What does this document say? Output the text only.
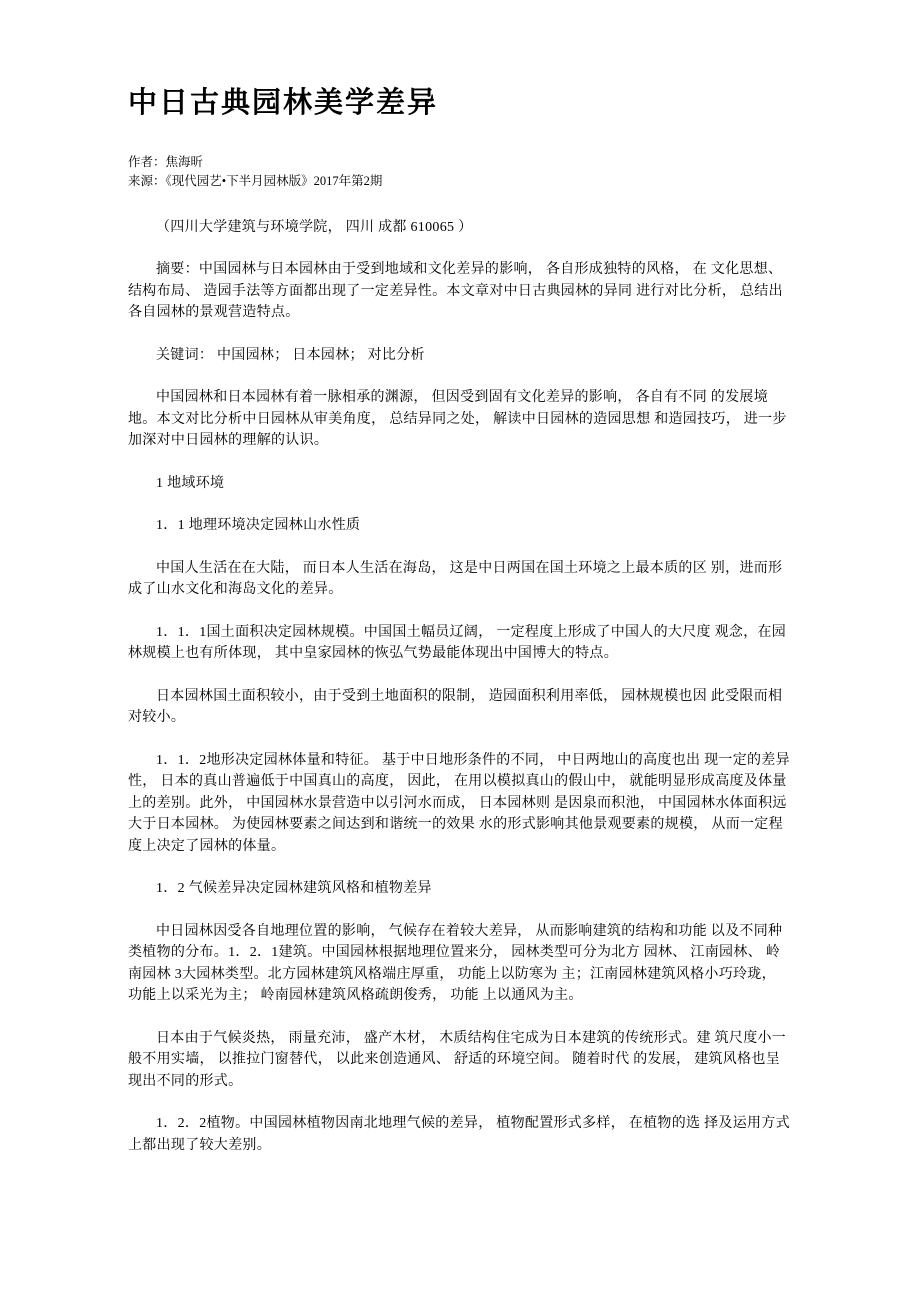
中日古典园林美学差异
作者：焦海昕
来源：《现代园艺•下半月园林版》2017年第2期

（四川大学建筑与环境学院， 四川 成都 610065 ）

摘要：中国园林与日本园林由于受到地域和文化差异的影响， 各自形成独特的风格， 在 文化思想、 结构布局、 造园手法等方面都出现了一定差异性。本文章对中日古典园林的异同 进行对比分析， 总结出各自园林的景观营造特点。

关键词： 中国园林； 日本园林； 对比分析

中国园林和日本园林有着一脉相承的渊源， 但因受到固有文化差异的影响， 各自有不同 的发展境地。本文对比分析中日园林从审美角度， 总结异同之处， 解读中日园林的造园思想 和造园技巧， 进一步加深对中日园林的理解的认识。

1 地域环境

1．1 地理环境决定园林山水性质

中国人生活在在大陆， 而日本人生活在海岛， 这是中日两国在国土环境之上最本质的区 别，进而形成了山水文化和海岛文化的差异。

1．1．1国土面积决定园林规模。中国国土幅员辽阔， 一定程度上形成了中国人的大尺度 观念，在园林规模上也有所体现， 其中皇家园林的恢弘气势最能体现出中国博大的特点。

日本园林国土面积较小，由于受到土地面积的限制， 造园面积利用率低， 园林规模也因 此受限而相对较小。

1．1．2地形决定园林体量和特征。 基于中日地形条件的不同， 中日两地山的高度也出 现一定的差异性， 日本的真山普遍低于中国真山的高度， 因此， 在用以模拟真山的假山中， 就能明显形成高度及体量上的差别。此外， 中国园林水景营造中以引河水而成， 日本园林则 是因泉而积池， 中国园林水体面积远大于日本园林。 为使园林要素之间达到和谐统一的效果 水的形式影响其他景观要素的规模， 从而一定程度上决定了园林的体量。

1．2 气候差异决定园林建筑风格和植物差异

中日园林因受各自地理位置的影响， 气候存在着较大差异， 从而影响建筑的结构和功能 以及不同种类植物的分布。1．2．1建筑。中国园林根据地理位置来分， 园林类型可分为北方 园林、 江南园林、 岭南园林 3大园林类型。北方园林建筑风格端庄厚重， 功能上以防寒为 主；江南园林建筑风格小巧玲珑， 功能上以采光为主； 岭南园林建筑风格疏朗俊秀， 功能 上以通风为主。

日本由于气候炎热， 雨量充沛， 盛产木材， 木质结构住宅成为日本建筑的传统形式。建 筑尺度小一般不用实墙， 以推拉门窗替代， 以此来创造通风、 舒适的环境空间。 随着时代 的发展， 建筑风格也呈现出不同的形式。

1．2．2植物。中国园林植物因南北地理气候的差异， 植物配置形式多样， 在植物的选 择及运用方式上都出现了较大差别。
